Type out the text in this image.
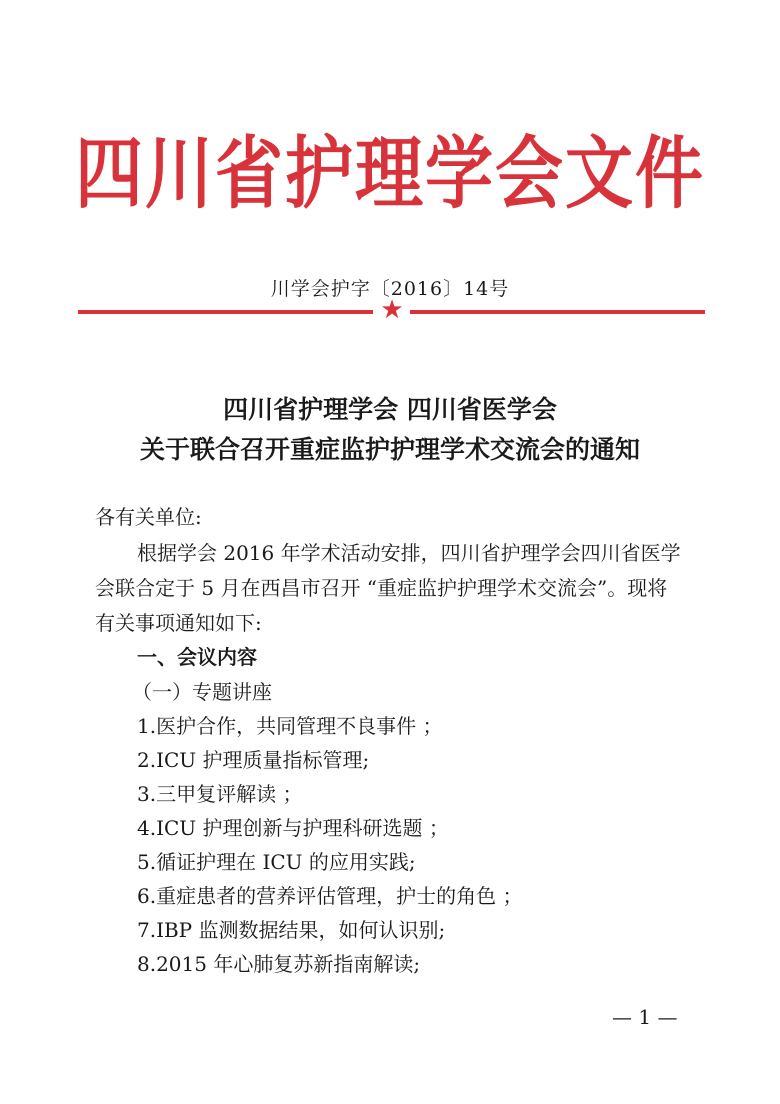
四川省护理学会文件
川学会护字〔2016〕14号
★
四川省护理学会 四川省医学会
关于联合召开重症监护护理学术交流会的通知
各有关单位:
根据学会 2016 年学术活动安排，四川省护理学会四川省医学
会联合定于 5 月在西昌市召开 “重症监护护理学术交流会”。现将
有关事项通知如下:
一、会议内容
（一）专题讲座
1.医护合作，共同管理不良事件 ；
2.ICU 护理质量指标管理;
3.三甲复评解读 ；
4.ICU 护理创新与护理科研选题 ；
5.循证护理在 ICU 的应用实践;
6.重症患者的营养评估管理，护士的角色 ；
7.IBP 监测数据结果，如何认识别;
8.2015 年心肺复苏新指南解读;
— 1 —
